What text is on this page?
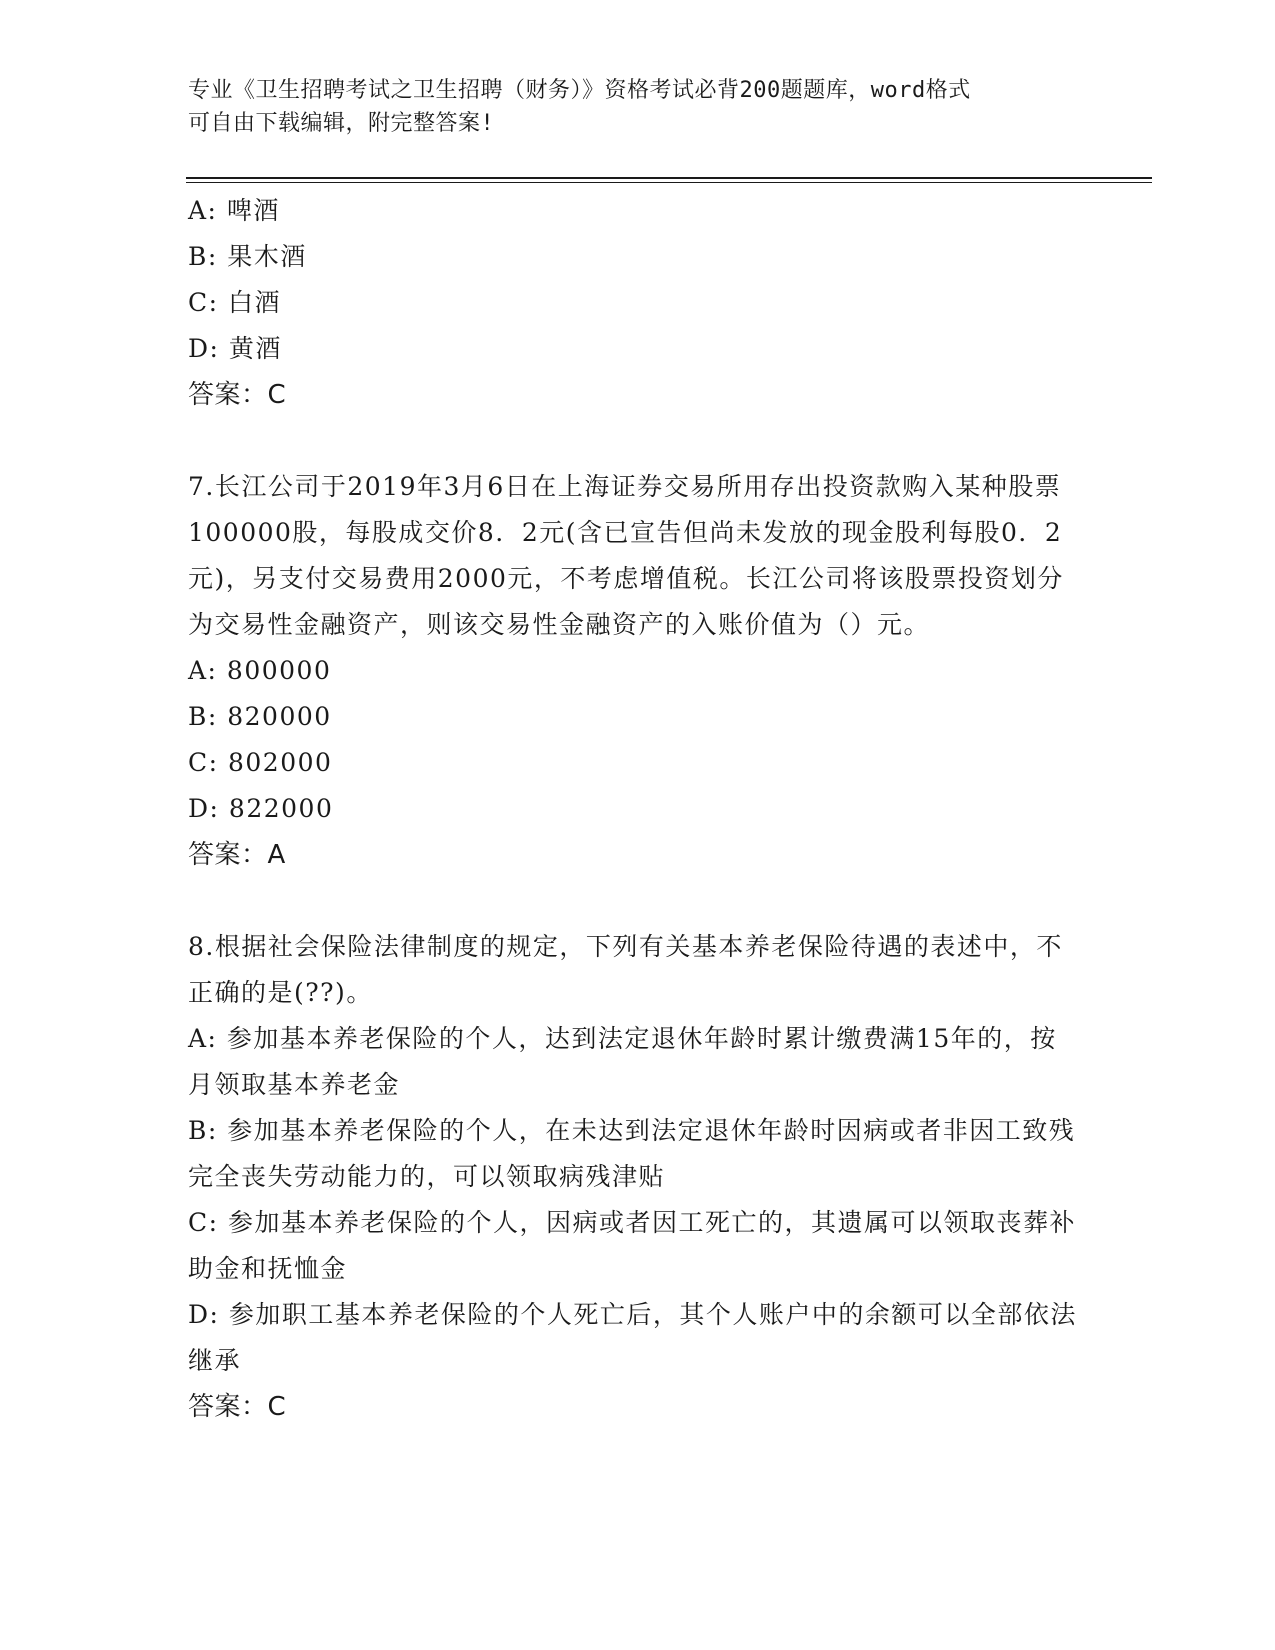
专业《卫生招聘考试之卫生招聘（财务）》资格考试必背200题题库，word格式
可自由下载编辑，附完整答案!

A: 啤酒

B: 果木酒

C: 白酒

D: 黄酒

答案：C

7.长江公司于2019年3月6日在上海证券交易所用存出投资款购入某种股票100000股，每股成交价8．2元(含已宣告但尚未发放的现金股利每股0．2元)，另支付交易费用2000元，不考虑增值税。长江公司将该股票投资划分为交易性金融资产，则该交易性金融资产的入账价值为（）元。

A: 800000

B: 820000

C: 802000

D: 822000

答案：A

8.根据社会保险法律制度的规定，下列有关基本养老保险待遇的表述中，不正确的是(??)。

A: 参加基本养老保险的个人，达到法定退休年龄时累计缴费满15年的，按月领取基本养老金

B: 参加基本养老保险的个人，在未达到法定退休年龄时因病或者非因工致残完全丧失劳动能力的，可以领取病残津贴

C: 参加基本养老保险的个人，因病或者因工死亡的，其遗属可以领取丧葬补助金和抚恤金

D: 参加职工基本养老保险的个人死亡后，其个人账户中的余额可以全部依法继承

答案：C
